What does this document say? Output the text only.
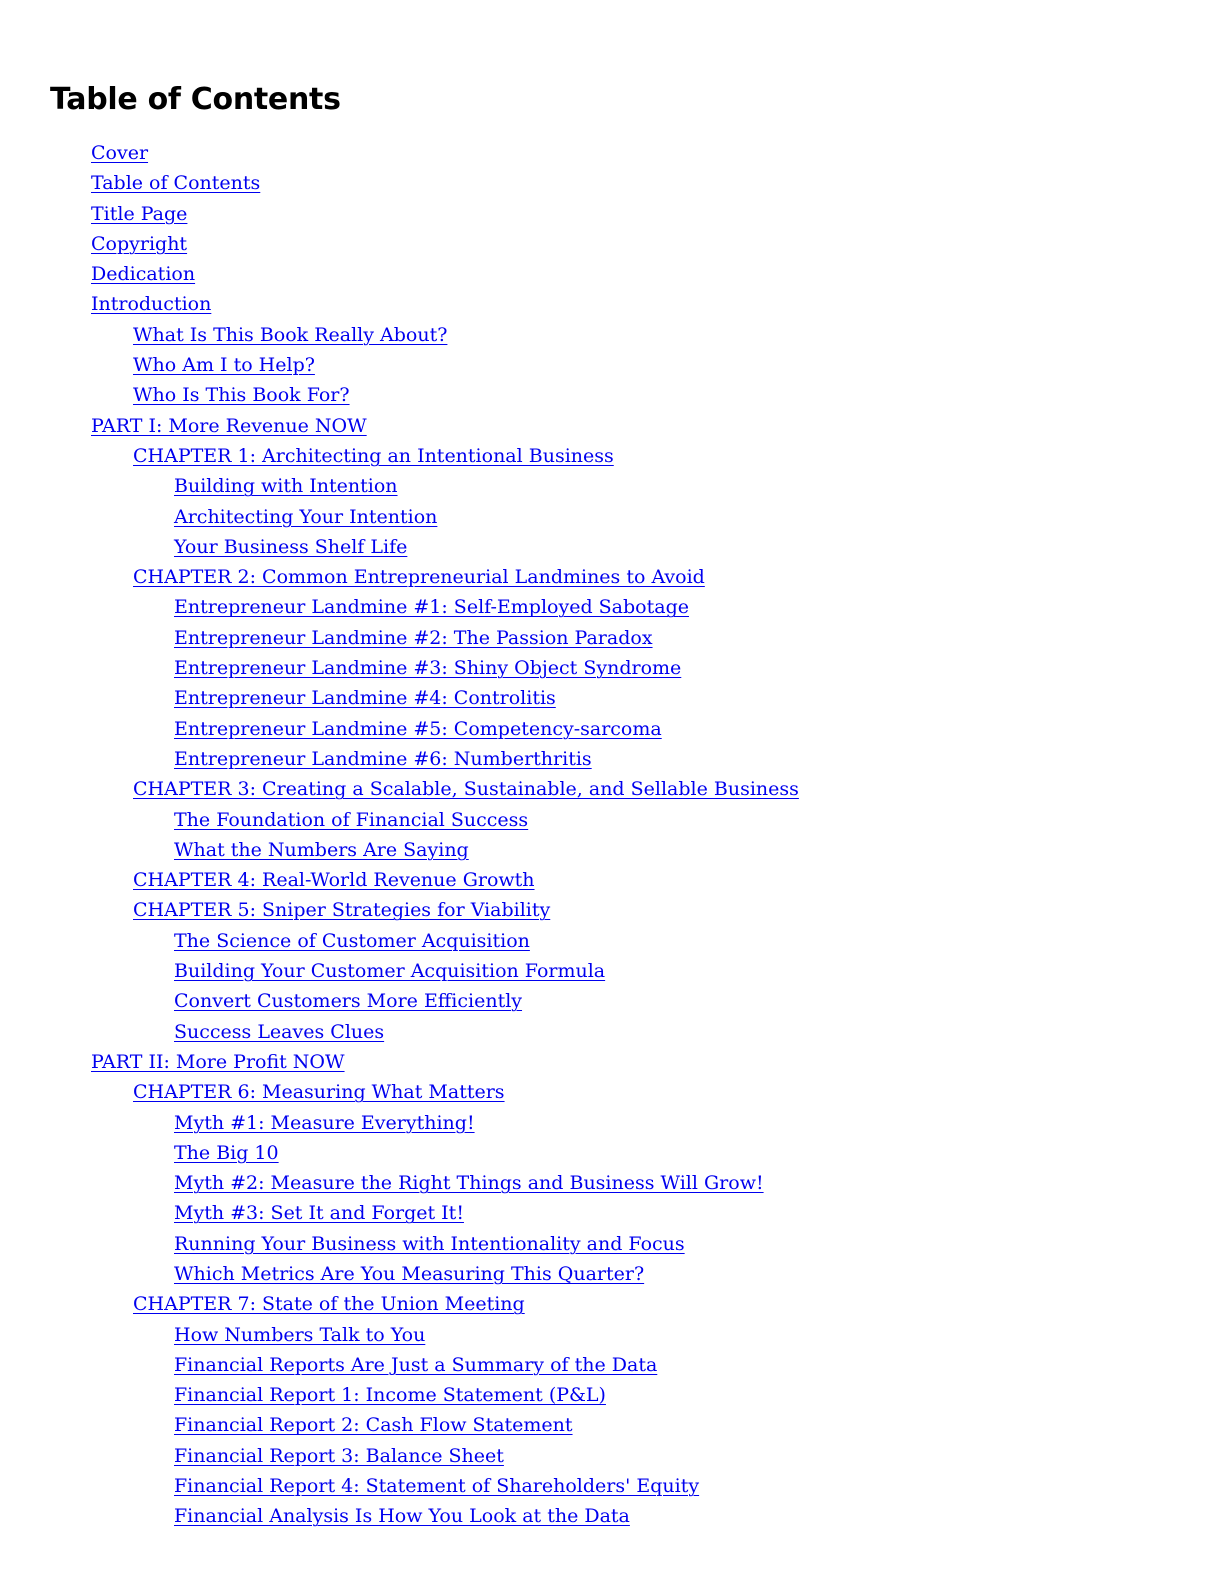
Table of Contents
Cover
Table of Contents
Title Page
Copyright
Dedication
Introduction
What Is This Book Really About?
Who Am I to Help?
Who Is This Book For?
PART I: More Revenue NOW
CHAPTER 1: Architecting an Intentional Business
Building with Intention
Architecting Your Intention
Your Business Shelf Life
CHAPTER 2: Common Entrepreneurial Landmines to Avoid
Entrepreneur Landmine #1: Self-Employed Sabotage
Entrepreneur Landmine #2: The Passion Paradox
Entrepreneur Landmine #3: Shiny Object Syndrome
Entrepreneur Landmine #4: Controlitis
Entrepreneur Landmine #5: Competency-sarcoma
Entrepreneur Landmine #6: Numberthritis
CHAPTER 3: Creating a Scalable, Sustainable, and Sellable Business
The Foundation of Financial Success
What the Numbers Are Saying
CHAPTER 4: Real-World Revenue Growth
CHAPTER 5: Sniper Strategies for Viability
The Science of Customer Acquisition
Building Your Customer Acquisition Formula
Convert Customers More Efficiently
Success Leaves Clues
PART II: More Profit NOW
CHAPTER 6: Measuring What Matters
Myth #1: Measure Everything!
The Big 10
Myth #2: Measure the Right Things and Business Will Grow!
Myth #3: Set It and Forget It!
Running Your Business with Intentionality and Focus
Which Metrics Are You Measuring This Quarter?
CHAPTER 7: State of the Union Meeting
How Numbers Talk to You
Financial Reports Are Just a Summary of the Data
Financial Report 1: Income Statement (P&L)
Financial Report 2: Cash Flow Statement
Financial Report 3: Balance Sheet
Financial Report 4: Statement of Shareholders' Equity
Financial Analysis Is How You Look at the Data
